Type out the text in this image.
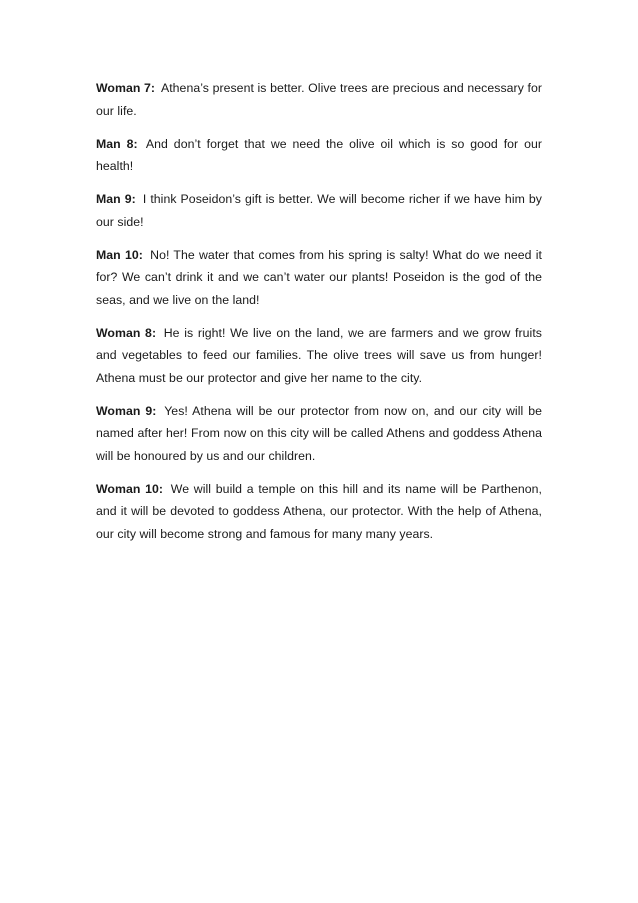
Woman 7: Athena’s present is better. Olive trees are precious and necessary for our life.

Man 8: And don’t forget that we need the olive oil which is so good for our health!

Man 9: I think Poseidon’s gift is better. We will become richer if we have him by our side!

Man 10: No! The water that comes from his spring is salty! What do we need it for? We can’t drink it and we can’t water our plants! Poseidon is the god of the seas, and we live on the land!

Woman 8: He is right! We live on the land, we are farmers and we grow fruits and vegetables to feed our families. The olive trees will save us from hunger! Athena must be our protector and give her name to the city.

Woman 9: Yes! Athena will be our protector from now on, and our city will be named after her! From now on this city will be called Athens and goddess Athena will be honoured by us and our children.

Woman 10: We will build a temple on this hill and its name will be Parthenon, and it will be devoted to goddess Athena, our protector. With the help of Athena, our city will become strong and famous for many many years.
